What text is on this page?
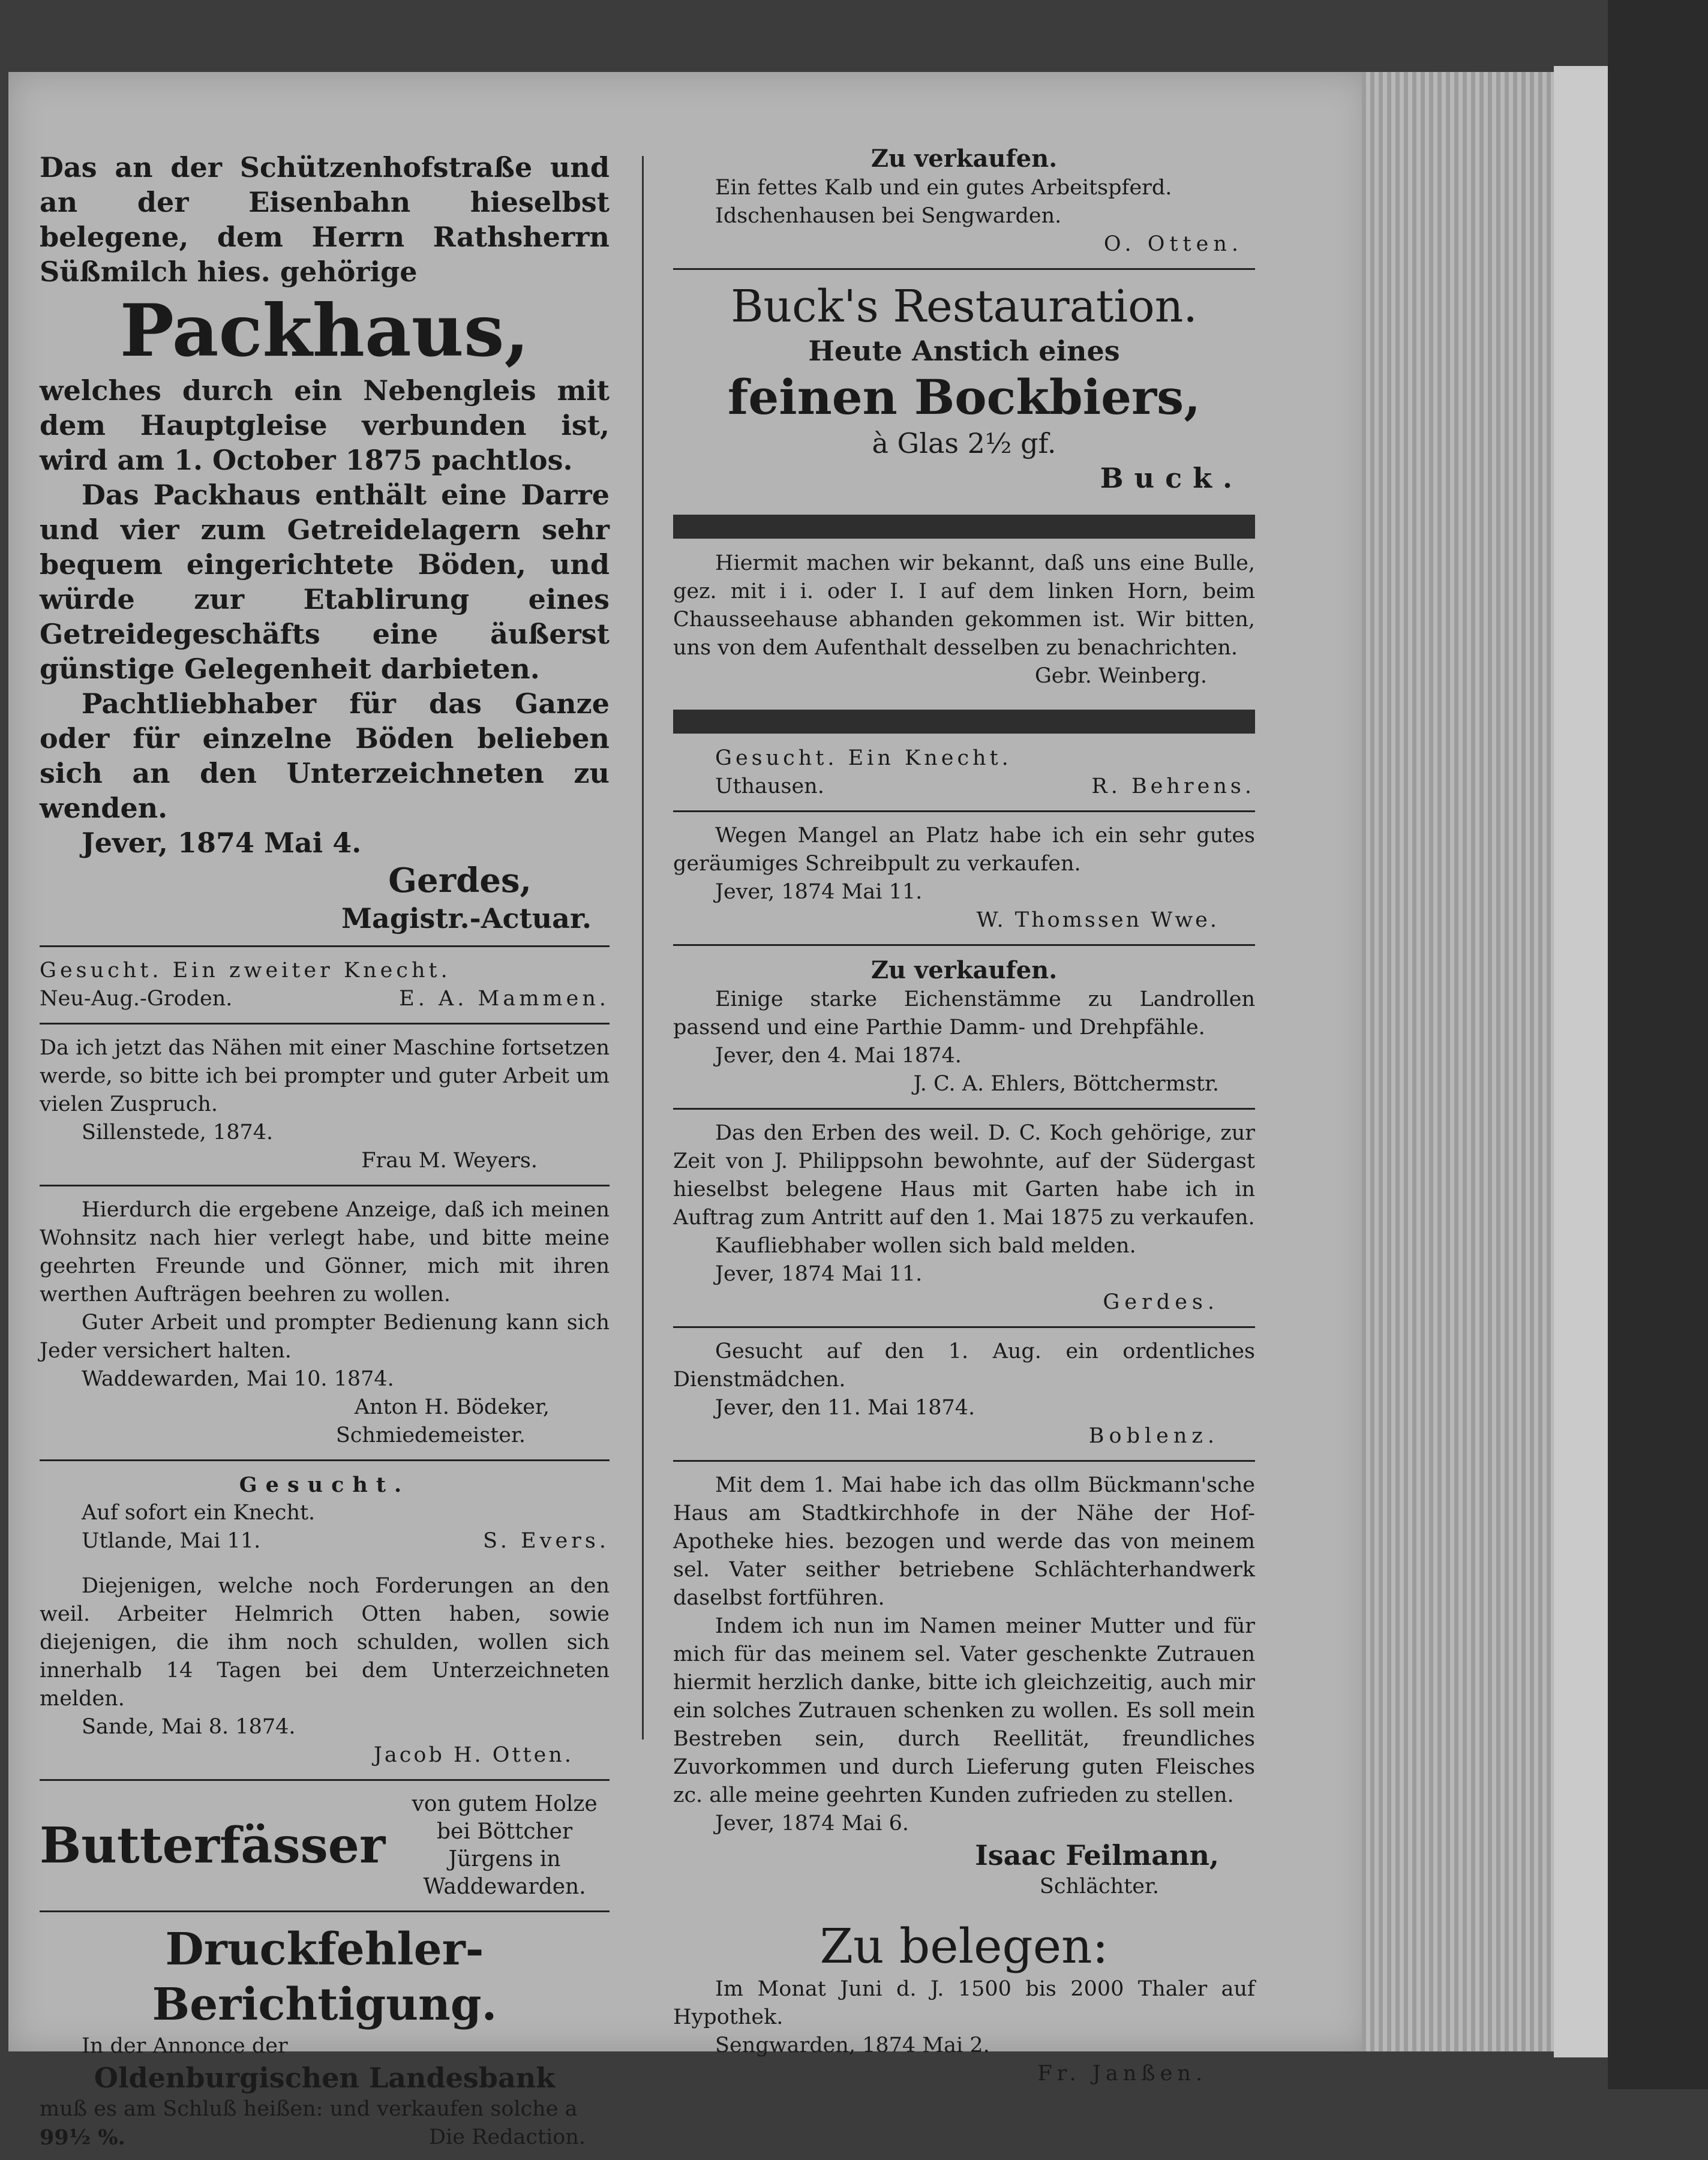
Das an der Schützenhofstraße und an der Eisenbahn hieselbst belegene, dem Herrn Rathsherrn Süßmilch hies. gehörige
Packhaus,
welches durch ein Nebengleis mit dem Hauptgleise verbunden ist, wird am 1. October 1875 pachtlos.
Das Packhaus enthält eine Darre und vier zum Getreidelagern sehr bequem eingerichtete Böden, und würde zur Etablirung eines Getreidegeschäfts eine äußerst günstige Gelegenheit darbieten.
Pachtliebhaber für das Ganze oder für einzelne Böden belieben sich an den Unterzeichneten zu wenden.
Jever, 1874 Mai 4.
Gerdes,
Magistr.-Actuar.
Gesucht. Ein zweiter Knecht.
Neu-Aug.-Groden.	E. A. Mammen.
Da ich jetzt das Nähen mit einer Maschine fortsetzen werde, so bitte ich bei prompter und guter Arbeit um vielen Zuspruch.
Sillenstede, 1874.
Frau M. Weyers.
Hierdurch die ergebene Anzeige, daß ich meinen Wohnsitz nach hier verlegt habe, und bitte meine geehrten Freunde und Gönner, mich mit ihren werthen Aufträgen beehren zu wollen.
Guter Arbeit und prompter Bedienung kann sich Jeder versichert halten.
Waddewarden, Mai 10. 1874.
Anton H. Bödeker,
Schmiedemeister.
Gesucht.
Auf sofort ein Knecht.
Utlande, Mai 11.	S. Evers.
Diejenigen, welche noch Forderungen an den weil. Arbeiter Helmrich Otten haben, sowie diejenigen, die ihm noch schulden, wollen sich innerhalb 14 Tagen bei dem Unterzeichneten melden.
Sande, Mai 8. 1874.
Jacob H. Otten.
Butterfässer
von gutem Holze bei Böttcher Jürgens in Waddewarden.
Druckfehler-Berichtigung.
In der Annonce der
Oldenburgischen Landesbank
muß es am Schluß heißen: und verkaufen solche a
99½ %.	Die Redaction.
Zu verkaufen.
Ein fettes Kalb und ein gutes Arbeitspferd.
Idschenhausen bei Sengwarden.
O. Otten.
Buck's Restauration.
Heute Anstich eines
feinen Bockbiers,
à Glas 2½ gf.
Buck.
Hiermit machen wir bekannt, daß uns eine Bulle, gez. mit i i. oder I. I auf dem linken Horn, beim Chausseehause abhanden gekommen ist. Wir bitten, uns von dem Aufenthalt desselben zu benachrichten.
Gebr. Weinberg.
Gesucht. Ein Knecht.
Uthausen.	R. Behrens.
Wegen Mangel an Platz habe ich ein sehr gutes geräumiges Schreibpult zu verkaufen.
Jever, 1874 Mai 11.
W. Thomssen Wwe.
Zu verkaufen.
Einige starke Eichenstämme zu Landrollen passend und eine Parthie Damm- und Drehpfähle.
Jever, den 4. Mai 1874.
J. C. A. Ehlers, Böttchermstr.
Das den Erben des weil. D. C. Koch gehörige, zur Zeit von J. Philippsohn bewohnte, auf der Südergast hieselbst belegene Haus mit Garten habe ich in Auftrag zum Antritt auf den 1. Mai 1875 zu verkaufen.
Kaufliebhaber wollen sich bald melden.
Jever, 1874 Mai 11.
Gerdes.
Gesucht auf den 1. Aug. ein ordentliches Dienstmädchen.
Jever, den 11. Mai 1874.
Boblenz.
Mit dem 1. Mai habe ich das ollm Bückmann'sche Haus am Stadtkirchhofe in der Nähe der Hof-Apotheke hies. bezogen und werde das von meinem sel. Vater seither betriebene Schlächterhandwerk daselbst fortführen.
Indem ich nun im Namen meiner Mutter und für mich für das meinem sel. Vater geschenkte Zutrauen hiermit herzlich danke, bitte ich gleichzeitig, auch mir ein solches Zutrauen schenken zu wollen. Es soll mein Bestreben sein, durch Reellität, freundliches Zuvorkommen und durch Lieferung guten Fleisches zc. alle meine geehrten Kunden zufrieden zu stellen.
Jever, 1874 Mai 6.
Isaac Feilmann,
Schlächter.
Zu belegen:
Im Monat Juni d. J. 1500 bis 2000 Thaler auf Hypothek.
Sengwarden, 1874 Mai 2.
Fr. Janßen.
